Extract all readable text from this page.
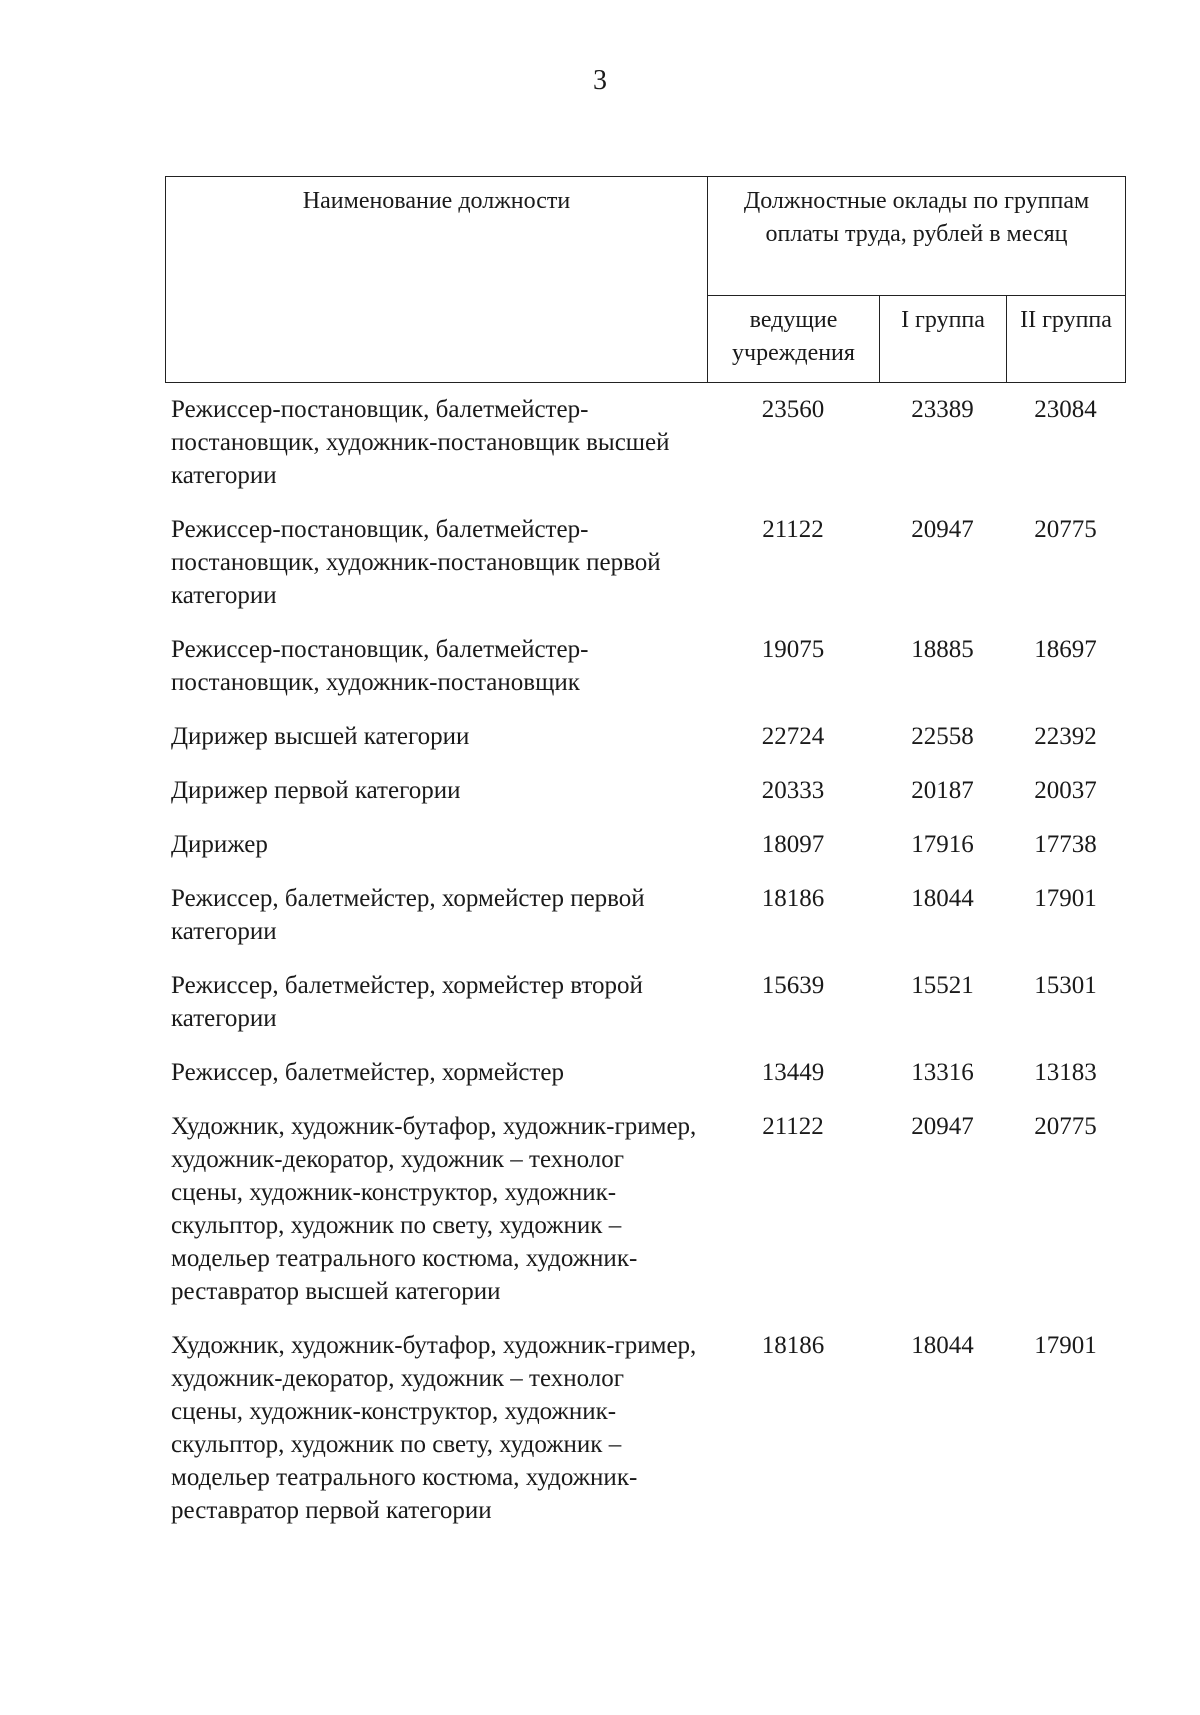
3
Наименование должности	Должностные оклады по группам оплаты труда, рублей в месяц		
	ведущие учреждения	I группа	II группа
Режиссер-постановщик, балетмейстер-постановщик, художник-постановщик высшей категории	23560	23389	23084
Режиссер-постановщик, балетмейстер-постановщик, художник-постановщик первой категории	21122	20947	20775
Режиссер-постановщик, балетмейстер-постановщик, художник-постановщик	19075	18885	18697
Дирижер высшей категории	22724	22558	22392
Дирижер первой категории	20333	20187	20037
Дирижер	18097	17916	17738
Режиссер, балетмейстер, хормейстер первой категории	18186	18044	17901
Режиссер, балетмейстер, хормейстер второй категории	15639	15521	15301
Режиссер, балетмейстер, хормейстер	13449	13316	13183
Художник, художник-бутафор, художник-гример, художник-декоратор, художник – технолог сцены, художник-конструктор, художник-скульптор, художник по свету, художник – модельер театрального костюма, художник-реставратор высшей категории	21122	20947	20775
Художник, художник-бутафор, художник-гример, художник-декоратор, художник – технолог сцены, художник-конструктор, художник-скульптор, художник по свету, художник – модельер театрального костюма, художник-реставратор первой категории	18186	18044	17901
